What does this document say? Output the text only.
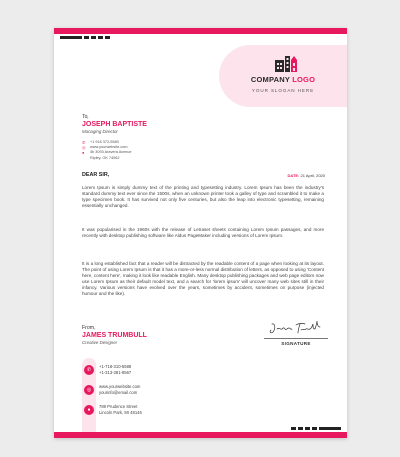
COMPANY LOGO
YOUR SLOGAN HERE
To,
JOSEPH BAPTISTE
Managing Director
✆	+1 916 372-5580
◎	www.yourwebsite.com
●	4b 3093 Aravera Avenue
Ripley, OK 74062
DEAR SIR,	DATE: 21 April, 2020

Lorem Ipsum is simply dummy text of the printing and typesetting industry. Lorem Ipsum has been the industry's standard dummy text ever since the 1500s, when an unknown printer took a galley of type and scrambled it to make a type specimen book. It has survived not only five centuries, but also the leap into electronic typesetting, remaining essentially unchanged.

It was popularised in the 1960s with the release of Letraset sheets containing Lorem Ipsum passages, and more recently with desktop publishing software like Aldus PageMaker including versions of Lorem Ipsum.

It is a long established fact that a reader will be distracted by the readable content of a page when looking at its layout. The point of using Lorem Ipsum is that it has a more-or-less normal distribution of letters, as opposed to using 'Content here, content here', making it look like readable English. Many desktop publishing packages and web page editors now use Lorem Ipsum as their default model text, and a search for 'lorem ipsum' will uncover many web sites still in their infancy. Various versions have evolved over the years, sometimes by accident, sometimes on purpose (injected humour and the like).

From,
JAMES TRUMBULL
Creative Designer	SIGNATURE
✆
+1-718-310-5588
+1-313-381-8567
◎
www.yourwebsite.com
yourinfo@email.com
●
789 Prudence Street
Lincoln Park, MI 48146
